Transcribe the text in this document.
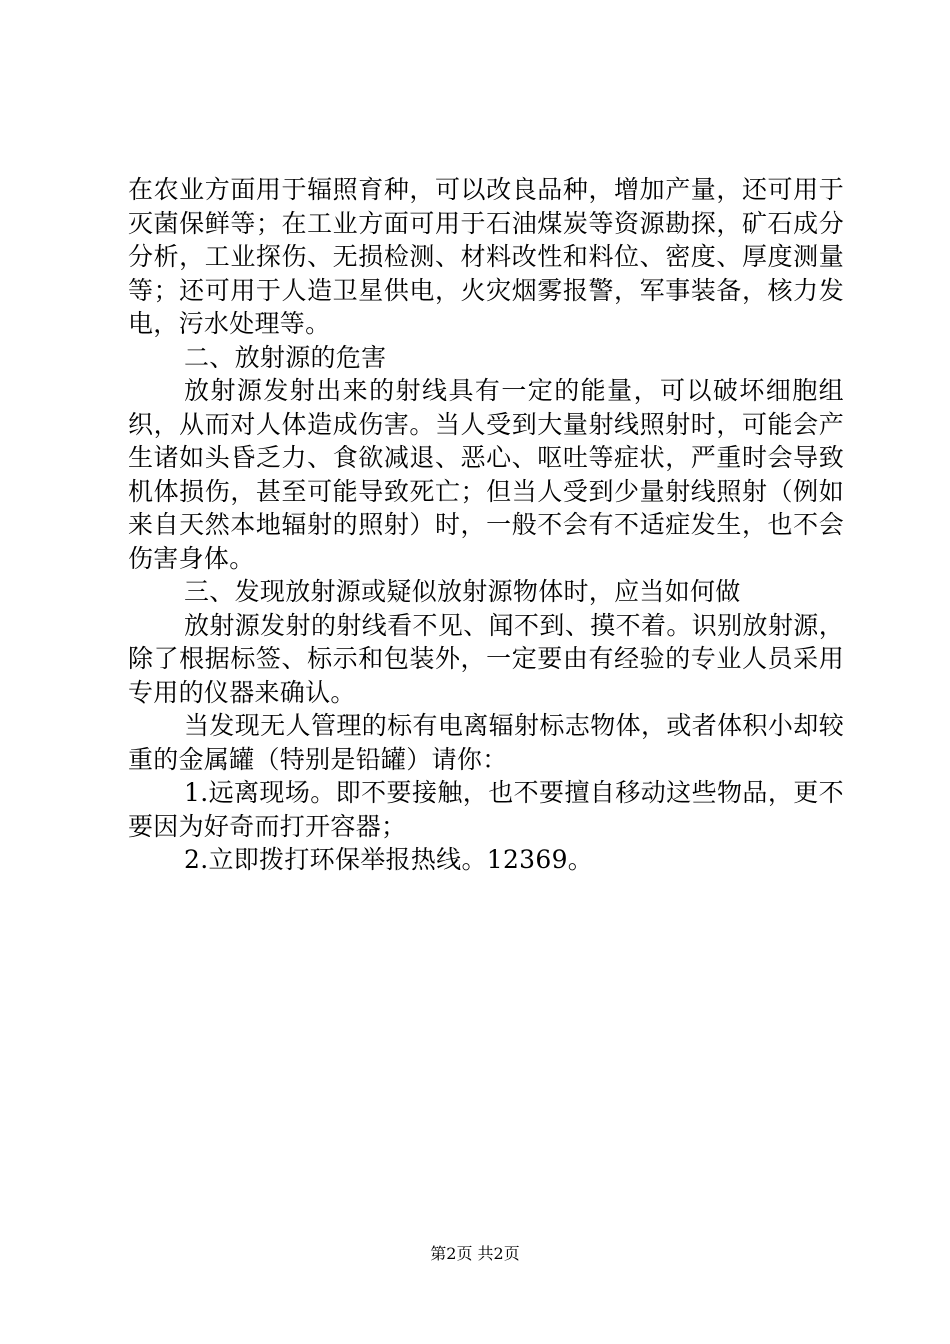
在农业方面用于辐照育种，可以改良品种，增加产量，还可用于灭菌保鲜等；在工业方面可用于石油煤炭等资源勘探，矿石成分分析，工业探伤、无损检测、材料改性和料位、密度、厚度测量等；还可用于人造卫星供电，火灾烟雾报警，军事装备，核力发电，污水处理等。

二、放射源的危害

放射源发射出来的射线具有一定的能量，可以破坏细胞组织，从而对人体造成伤害。当人受到大量射线照射时，可能会产生诸如头昏乏力、食欲减退、恶心、呕吐等症状，严重时会导致机体损伤，甚至可能导致死亡；但当人受到少量射线照射（例如来自天然本地辐射的照射）时，一般不会有不适症发生，也不会伤害身体。

三、发现放射源或疑似放射源物体时，应当如何做

放射源发射的射线看不见、闻不到、摸不着。识别放射源，除了根据标签、标示和包装外，一定要由有经验的专业人员采用专用的仪器来确认。

当发现无人管理的标有电离辐射标志物体，或者体积小却较重的金属罐（特别是铅罐）请你：

1.远离现场。即不要接触，也不要擅自移动这些物品，更不要因为好奇而打开容器；

2.立即拨打环保举报热线。12369。

第2页 共2页
